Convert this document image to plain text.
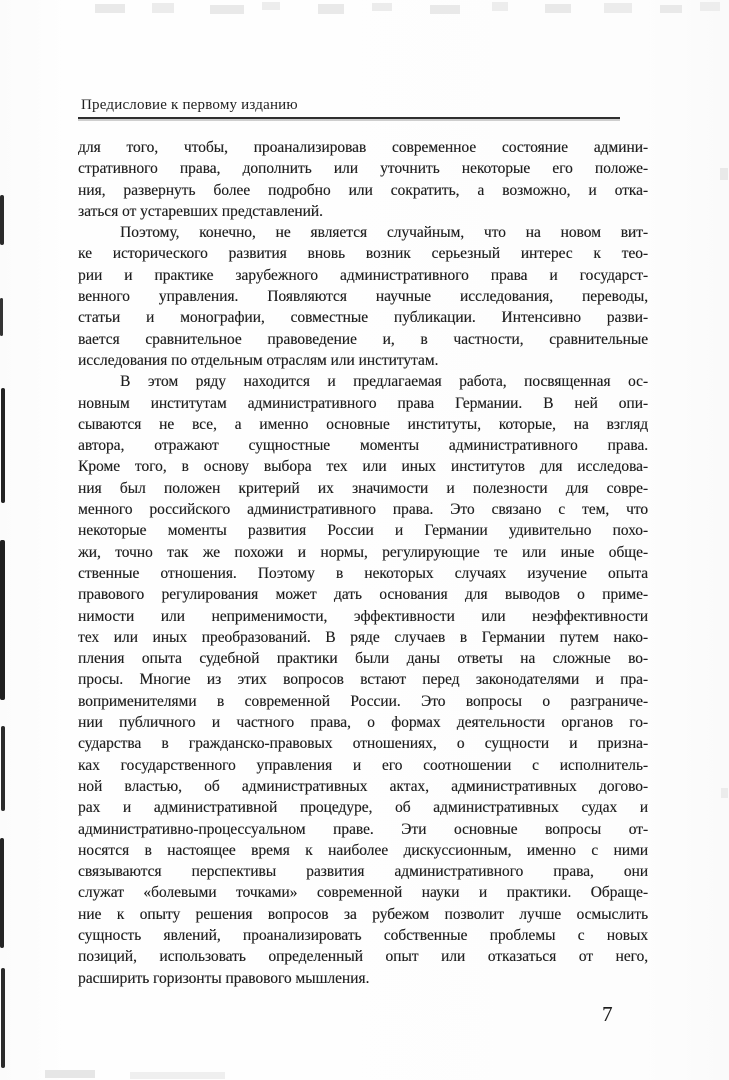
Предисловие к первому изданию
для того, чтобы, проанализировав современное состояние админи-
стративного права, дополнить или уточнить некоторые его положе-
ния, развернуть более подробно или сократить, а возможно, и отка-
заться от устаревших представлений.
Поэтому, конечно, не является случайным, что на новом вит-
ке исторического развития вновь возник серьезный интерес к тео-
рии и практике зарубежного административного права и государст-
венного управления. Появляются научные исследования, переводы,
статьи и монографии, совместные публикации. Интенсивно разви-
вается сравнительное правоведение и, в частности, сравнительные
исследования по отдельным отраслям или институтам.
В этом ряду находится и предлагаемая работа, посвященная ос-
новным институтам административного права Германии. В ней опи-
сываются не все, а именно основные институты, которые, на взгляд
автора, отражают сущностные моменты административного права.
Кроме того, в основу выбора тех или иных институтов для исследова-
ния был положен критерий их значимости и полезности для совре-
менного российского административного права. Это связано с тем, что
некоторые моменты развития России и Германии удивительно похо-
жи, точно так же похожи и нормы, регулирующие те или иные обще-
ственные отношения. Поэтому в некоторых случаях изучение опыта
правового регулирования может дать основания для выводов о приме-
нимости или неприменимости, эффективности или неэффективности
тех или иных преобразований. В ряде случаев в Германии путем нако-
пления опыта судебной практики были даны ответы на сложные во-
просы. Многие из этих вопросов встают перед законодателями и пра-
воприменителями в современной России. Это вопросы о разграниче-
нии публичного и частного права, о формах деятельности органов го-
сударства в гражданско-правовых отношениях, о сущности и призна-
ках государственного управления и его соотношении с исполнитель-
ной властью, об административных актах, административных догово-
рах и административной процедуре, об административных судах и
административно-процессуальном праве. Эти основные вопросы от-
носятся в настоящее время к наиболее дискуссионным, именно с ними
связываются перспективы развития административного права, они
служат «болевыми точками» современной науки и практики. Обраще-
ние к опыту решения вопросов за рубежом позволит лучше осмыслить
сущность явлений, проанализировать собственные проблемы с новых
позиций, использовать определенный опыт или отказаться от него,
расширить горизонты правового мышления.
7
